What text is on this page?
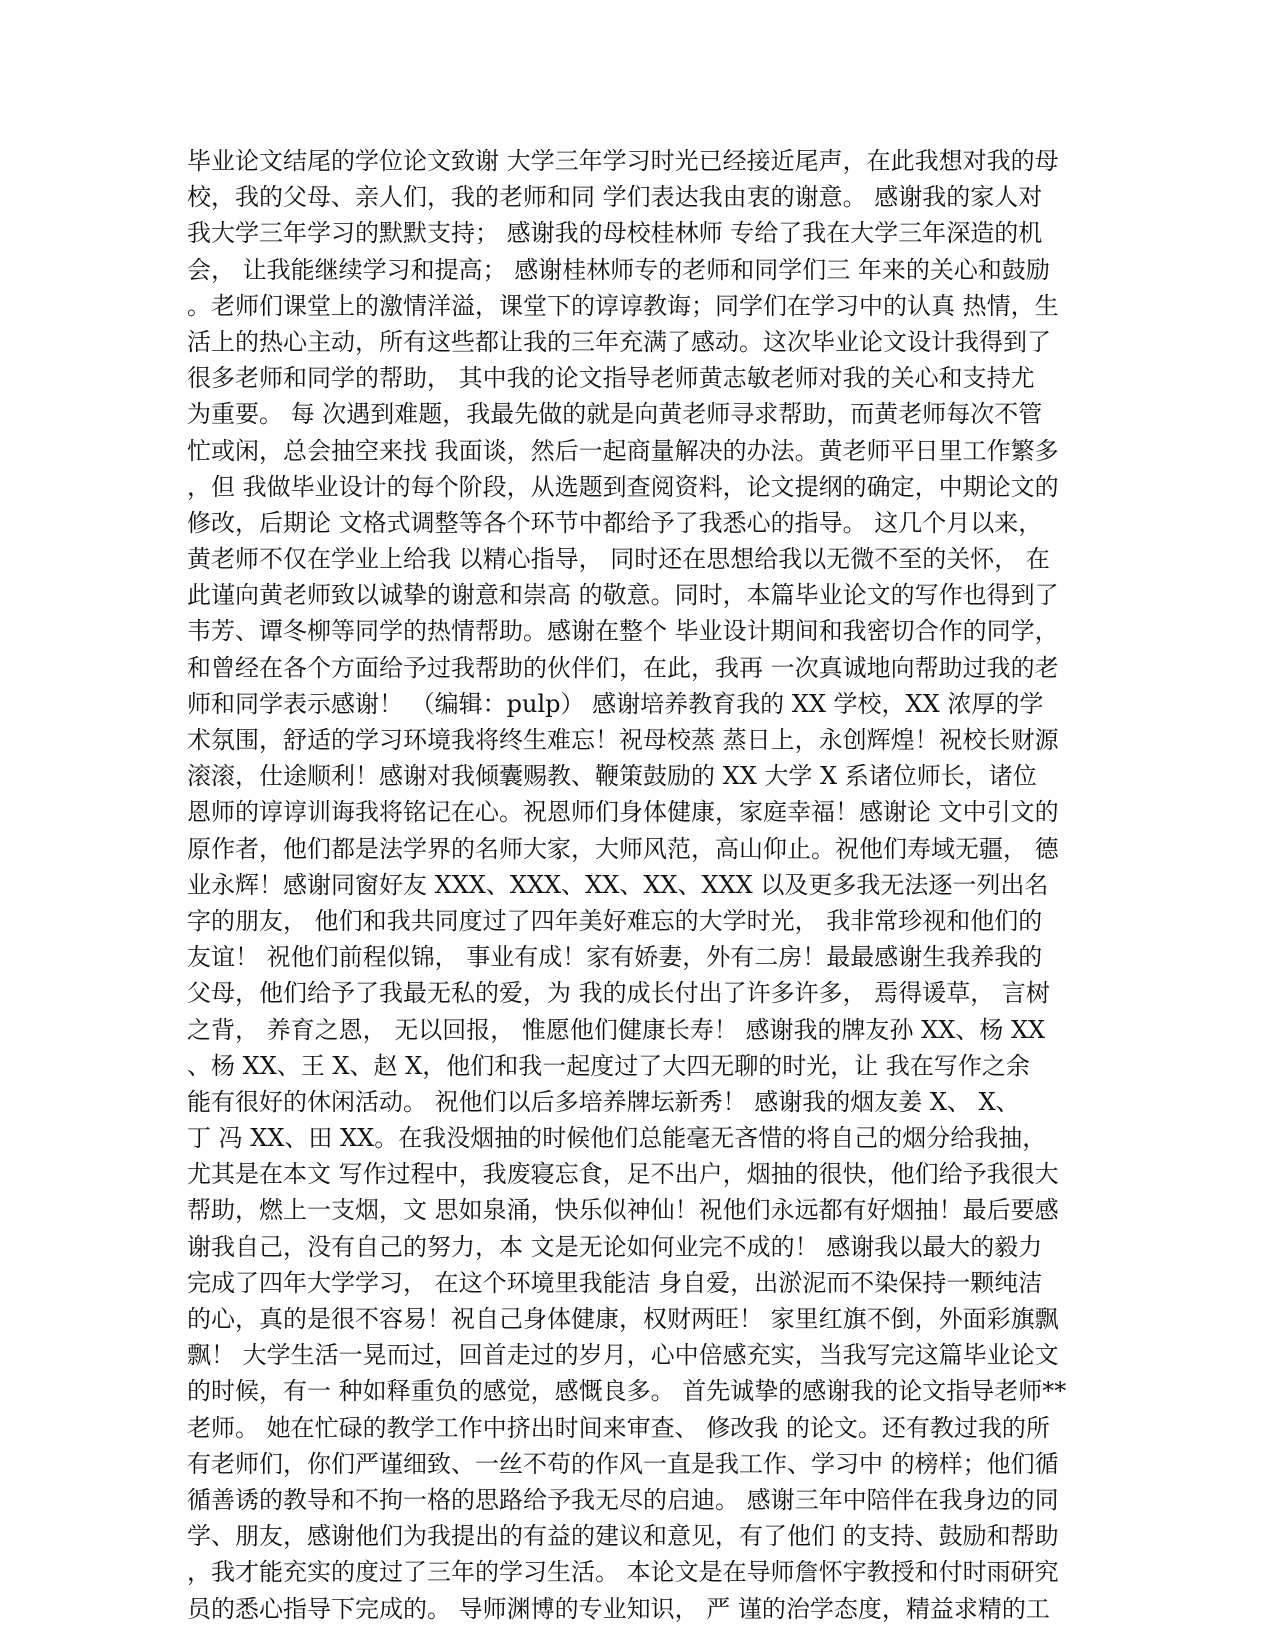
毕业论文结尾的学位论文致谢 大学三年学习时光已经接近尾声，在此我想对我的母
校，我的父母、亲人们，我的老师和同 学们表达我由衷的谢意。 感谢我的家人对
我大学三年学习的默默支持； 感谢我的母校桂林师 专给了我在大学三年深造的机
会， 让我能继续学习和提高； 感谢桂林师专的老师和同学们三 年来的关心和鼓励
。老师们课堂上的激情洋溢，课堂下的谆谆教诲；同学们在学习中的认真 热情，生
活上的热心主动，所有这些都让我的三年充满了感动。这次毕业论文设计我得到了
很多老师和同学的帮助， 其中我的论文指导老师黄志敏老师对我的关心和支持尤
为重要。 每 次遇到难题，我最先做的就是向黄老师寻求帮助，而黄老师每次不管
忙或闲，总会抽空来找 我面谈，然后一起商量解决的办法。黄老师平日里工作繁多
，但 我做毕业设计的每个阶段，从选题到查阅资料，论文提纲的确定，中期论文的
修改，后期论 文格式调整等各个环节中都给予了我悉心的指导。 这几个月以来，
黄老师不仅在学业上给我 以精心指导， 同时还在思想给我以无微不至的关怀， 在
此谨向黄老师致以诚挚的谢意和崇高 的敬意。同时，本篇毕业论文的写作也得到了
韦芳、谭冬柳等同学的热情帮助。感谢在整个 毕业设计期间和我密切合作的同学，
和曾经在各个方面给予过我帮助的伙伴们，在此，我再 一次真诚地向帮助过我的老
师和同学表示感谢！ （编辑：pulp） 感谢培养教育我的 XX 学校，XX 浓厚的学
术氛围，舒适的学习环境我将终生难忘！祝母校蒸 蒸日上，永创辉煌！祝校长财源
滚滚，仕途顺利！感谢对我倾囊赐教、鞭策鼓励的 XX 大学 X 系诸位师长，诸位
恩师的谆谆训诲我将铭记在心。祝恩师们身体健康，家庭幸福！感谢论 文中引文的
原作者，他们都是法学界的名师大家，大师风范，高山仰止。祝他们寿域无疆， 德
业永辉！感谢同窗好友 XXX、XXX、XX、XX、XXX 以及更多我无法逐一列出名
字的朋友， 他们和我共同度过了四年美好难忘的大学时光， 我非常珍视和他们的
友谊！ 祝他们前程似锦， 事业有成！家有娇妻，外有二房！最最感谢生我养我的
父母，他们给予了我最无私的爱，为 我的成长付出了许多许多， 焉得谖草， 言树
之背， 养育之恩， 无以回报， 惟愿他们健康长寿！ 感谢我的牌友孙 XX、杨 XX
、杨 XX、王 X、赵 X，他们和我一起度过了大四无聊的时光，让 我在写作之余
能有很好的休闲活动。 祝他们以后多培养牌坛新秀！ 感谢我的烟友姜 X、 X、
丁 冯 XX、田 XX。在我没烟抽的时候他们总能毫无吝惜的将自己的烟分给我抽，
尤其是在本文 写作过程中，我废寝忘食，足不出户，烟抽的很快，他们给予我很大
帮助，燃上一支烟，文 思如泉涌，快乐似神仙！祝他们永远都有好烟抽！最后要感
谢我自己，没有自己的努力，本 文是无论如何业完不成的！ 感谢我以最大的毅力
完成了四年大学学习， 在这个环境里我能洁 身自爱，出淤泥而不染保持一颗纯洁
的心，真的是很不容易！祝自己身体健康，权财两旺！ 家里红旗不倒，外面彩旗飘
飘！ 大学生活一晃而过，回首走过的岁月，心中倍感充实，当我写完这篇毕业论文
的时候，有一 种如释重负的感觉，感慨良多。 首先诚挚的感谢我的论文指导老师**
老师。 她在忙碌的教学工作中挤出时间来审查、 修改我 的论文。还有教过我的所
有老师们，你们严谨细致、一丝不苟的作风一直是我工作、学习中 的榜样；他们循
循善诱的教导和不拘一格的思路给予我无尽的启迪。 感谢三年中陪伴在我身边的同
学、朋友，感谢他们为我提出的有益的建议和意见，有了他们 的支持、鼓励和帮助
，我才能充实的度过了三年的学习生活。 本论文是在导师詹怀宇教授和付时雨研究
员的悉心指导下完成的。 导师渊博的专业知识， 严 谨的治学态度，精益求精的工
